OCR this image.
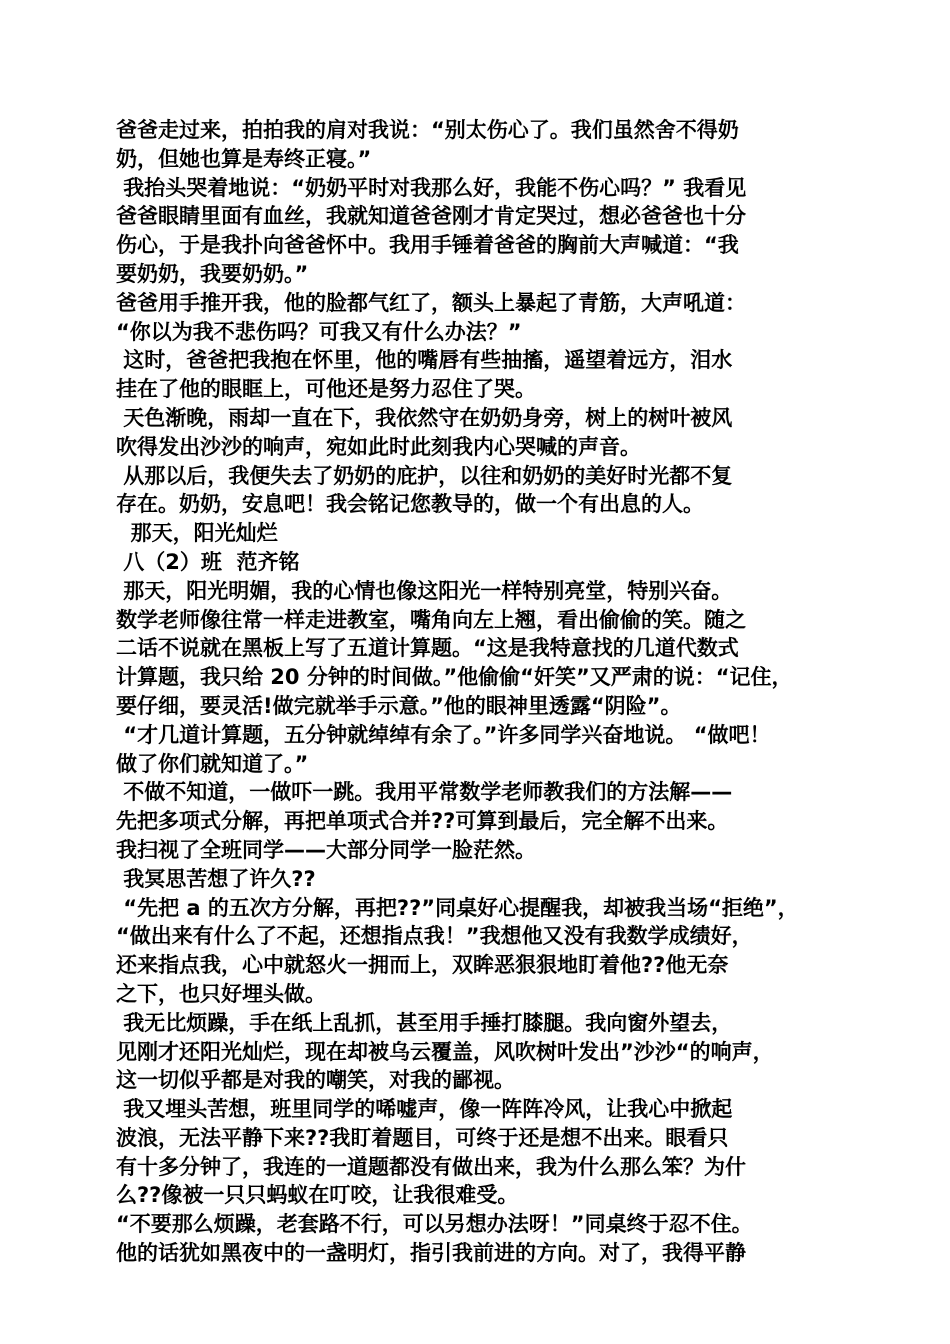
爸爸走过来，拍拍我的肩对我说：“别太伤心了。我们虽然舍不得奶
奶，但她也算是寿终正寝。”
我抬头哭着地说：“奶奶平时对我那么好，我能不伤心吗？” 我看见
爸爸眼睛里面有血丝，我就知道爸爸刚才肯定哭过，想必爸爸也十分
伤心，于是我扑向爸爸怀中。我用手锤着爸爸的胸前大声喊道：“我
要奶奶，我要奶奶。”
爸爸用手推开我，他的脸都气红了，额头上暴起了青筋，大声吼道：
“你以为我不悲伤吗？可我又有什么办法？”
这时，爸爸把我抱在怀里，他的嘴唇有些抽搐，遥望着远方，泪水
挂在了他的眼眶上，可他还是努力忍住了哭。
天色渐晚，雨却一直在下，我依然守在奶奶身旁，树上的树叶被风
吹得发出沙沙的响声，宛如此时此刻我内心哭喊的声音。
从那以后，我便失去了奶奶的庇护，以往和奶奶的美好时光都不复
存在。奶奶，安息吧！我会铭记您教导的，做一个有出息的人。
那天，阳光灿烂
八（2）班  范齐铭
那天，阳光明媚，我的心情也像这阳光一样特别亮堂，特别兴奋。
数学老师像往常一样走进教室，嘴角向左上翘，看出偷偷的笑。随之
二话不说就在黑板上写了五道计算题。“这是我特意找的几道代数式
计算题，我只给 20 分钟的时间做。”他偷偷“奸笑”又严肃的说：“记住，
要仔细，要灵活!做完就举手示意。”他的眼神里透露“阴险”。
“才几道计算题，五分钟就绰绰有余了。”许多同学兴奋地说。 “做吧！
做了你们就知道了。”
不做不知道，一做吓一跳。我用平常数学老师教我们的方法解——
先把多项式分解，再把单项式合并??可算到最后，完全解不出来。
我扫视了全班同学——大部分同学一脸茫然。
我冥思苦想了许久??
“先把 a 的五次方分解，再把??”同桌好心提醒我，却被我当场“拒绝”，
“做出来有什么了不起，还想指点我！”我想他又没有我数学成绩好，
还来指点我，心中就怒火一拥而上，双眸恶狠狠地盯着他??他无奈
之下，也只好埋头做。
我无比烦躁，手在纸上乱抓，甚至用手捶打膝腿。我向窗外望去，
见刚才还阳光灿烂，现在却被乌云覆盖，风吹树叶发出”沙沙“的响声，
这一切似乎都是对我的嘲笑，对我的鄙视。
我又埋头苦想，班里同学的唏嘘声，像一阵阵冷风，让我心中掀起
波浪，无法平静下来??我盯着题目，可终于还是想不出来。眼看只
有十多分钟了，我连的一道题都没有做出来，我为什么那么笨？为什
么??像被一只只蚂蚁在叮咬，让我很难受。
“不要那么烦躁，老套路不行，可以另想办法呀！”同桌终于忍不住。
他的话犹如黑夜中的一盏明灯，指引我前进的方向。对了，我得平静
